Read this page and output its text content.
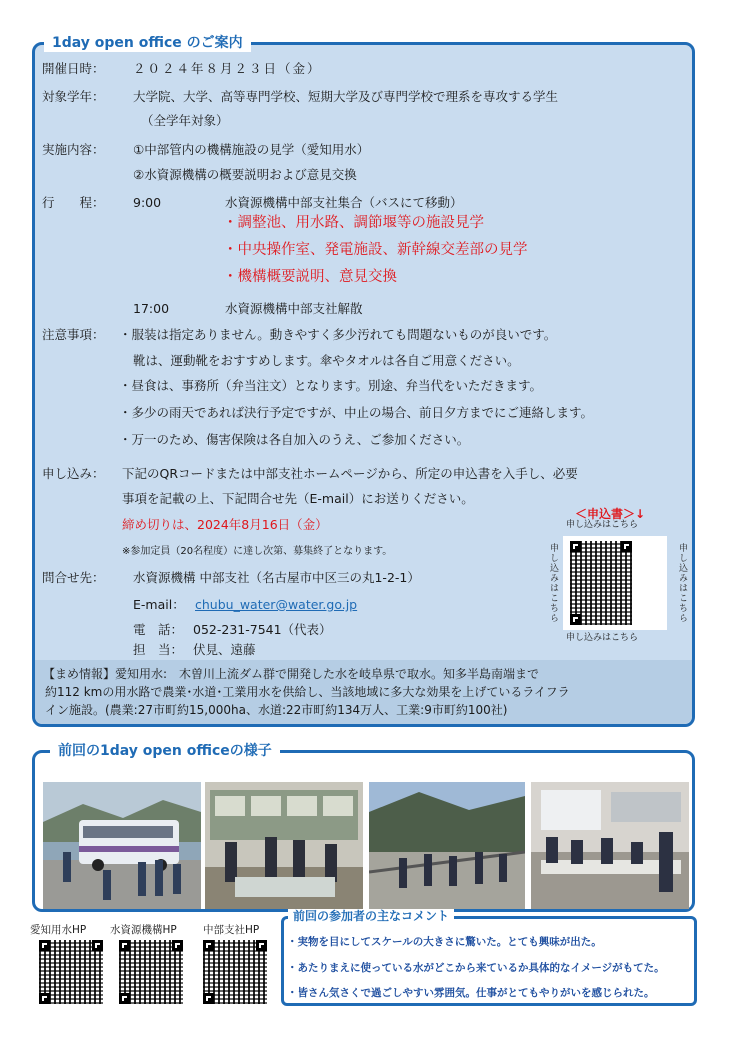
1day open office のご案内
開催日時： ２０２４年８月２３日（金）
対象学年： 大学院、大学、高等専門学校、短期大学及び専門学校で理系を専攻する学生
（全学年対象）
実施内容： ①中部管内の機構施設の見学（愛知用水）
②水資源機構の概要説明および意見交換
行　　程： 9:00	水資源機構中部支社集合（バスにて移動）
・調整池、用水路、調節堰等の施設見学
・中央操作室、発電施設、新幹線交差部の見学
・機構概要説明、意見交換
17:00	水資源機構中部支社解散
注意事項： ・服装は指定ありません。動きやすく多少汚れても問題ないものが良いです。
靴は、運動靴をおすすめします。傘やタオルは各自ご用意ください。
・昼食は、事務所（弁当注文）となります。別途、弁当代をいただきます。
・多少の雨天であれば決行予定ですが、中止の場合、前日夕方までにご連絡します。
・万一のため、傷害保険は各自加入のうえ、ご参加ください。
申し込み： 下記のQRコードまたは中部支社ホームページから、所定の申込書を入手し、必要
事項を記載の上、下記問合せ先（E-mail）にお送りください。
締め切りは、2024年8月16日（金）
※参加定員（20名程度）に達し次第、募集終了となります。
問合せ先： 水資源機構 中部支社（名古屋市中区三の丸1-2-1）
E-mail： chubu_water@water.go.jp
電　話： 052-231-7541（代表）
担　当： 伏見、遠藤
＜申込書＞↓
申し込みはこちら
申し込みはこちら	申し込みはこちら
申し込みはこちら
【まめ情報】愛知用水:　木曽川上流ダム群で開発した水を岐阜県で取水。知多半島南端まで
約112 kmの用水路で農業･水道･工業用水を供給し、当該地域に多大な効果を上げているライフラ
イン施設。(農業:27市町約15,000ha、水道:22市町約134万人、工業:9市町約100社)
前回の1day open officeの様子
愛知用水HP 水資源機構HP	中部支社HP
前回の参加者の主なコメント
・実物を目にしてスケールの大きさに驚いた。とても興味が出た。
・あたりまえに使っている水がどこから来ているか具体的なイメージがもてた。
・皆さん気さくで過ごしやすい雰囲気。仕事がとてもやりがいを感じられた。
